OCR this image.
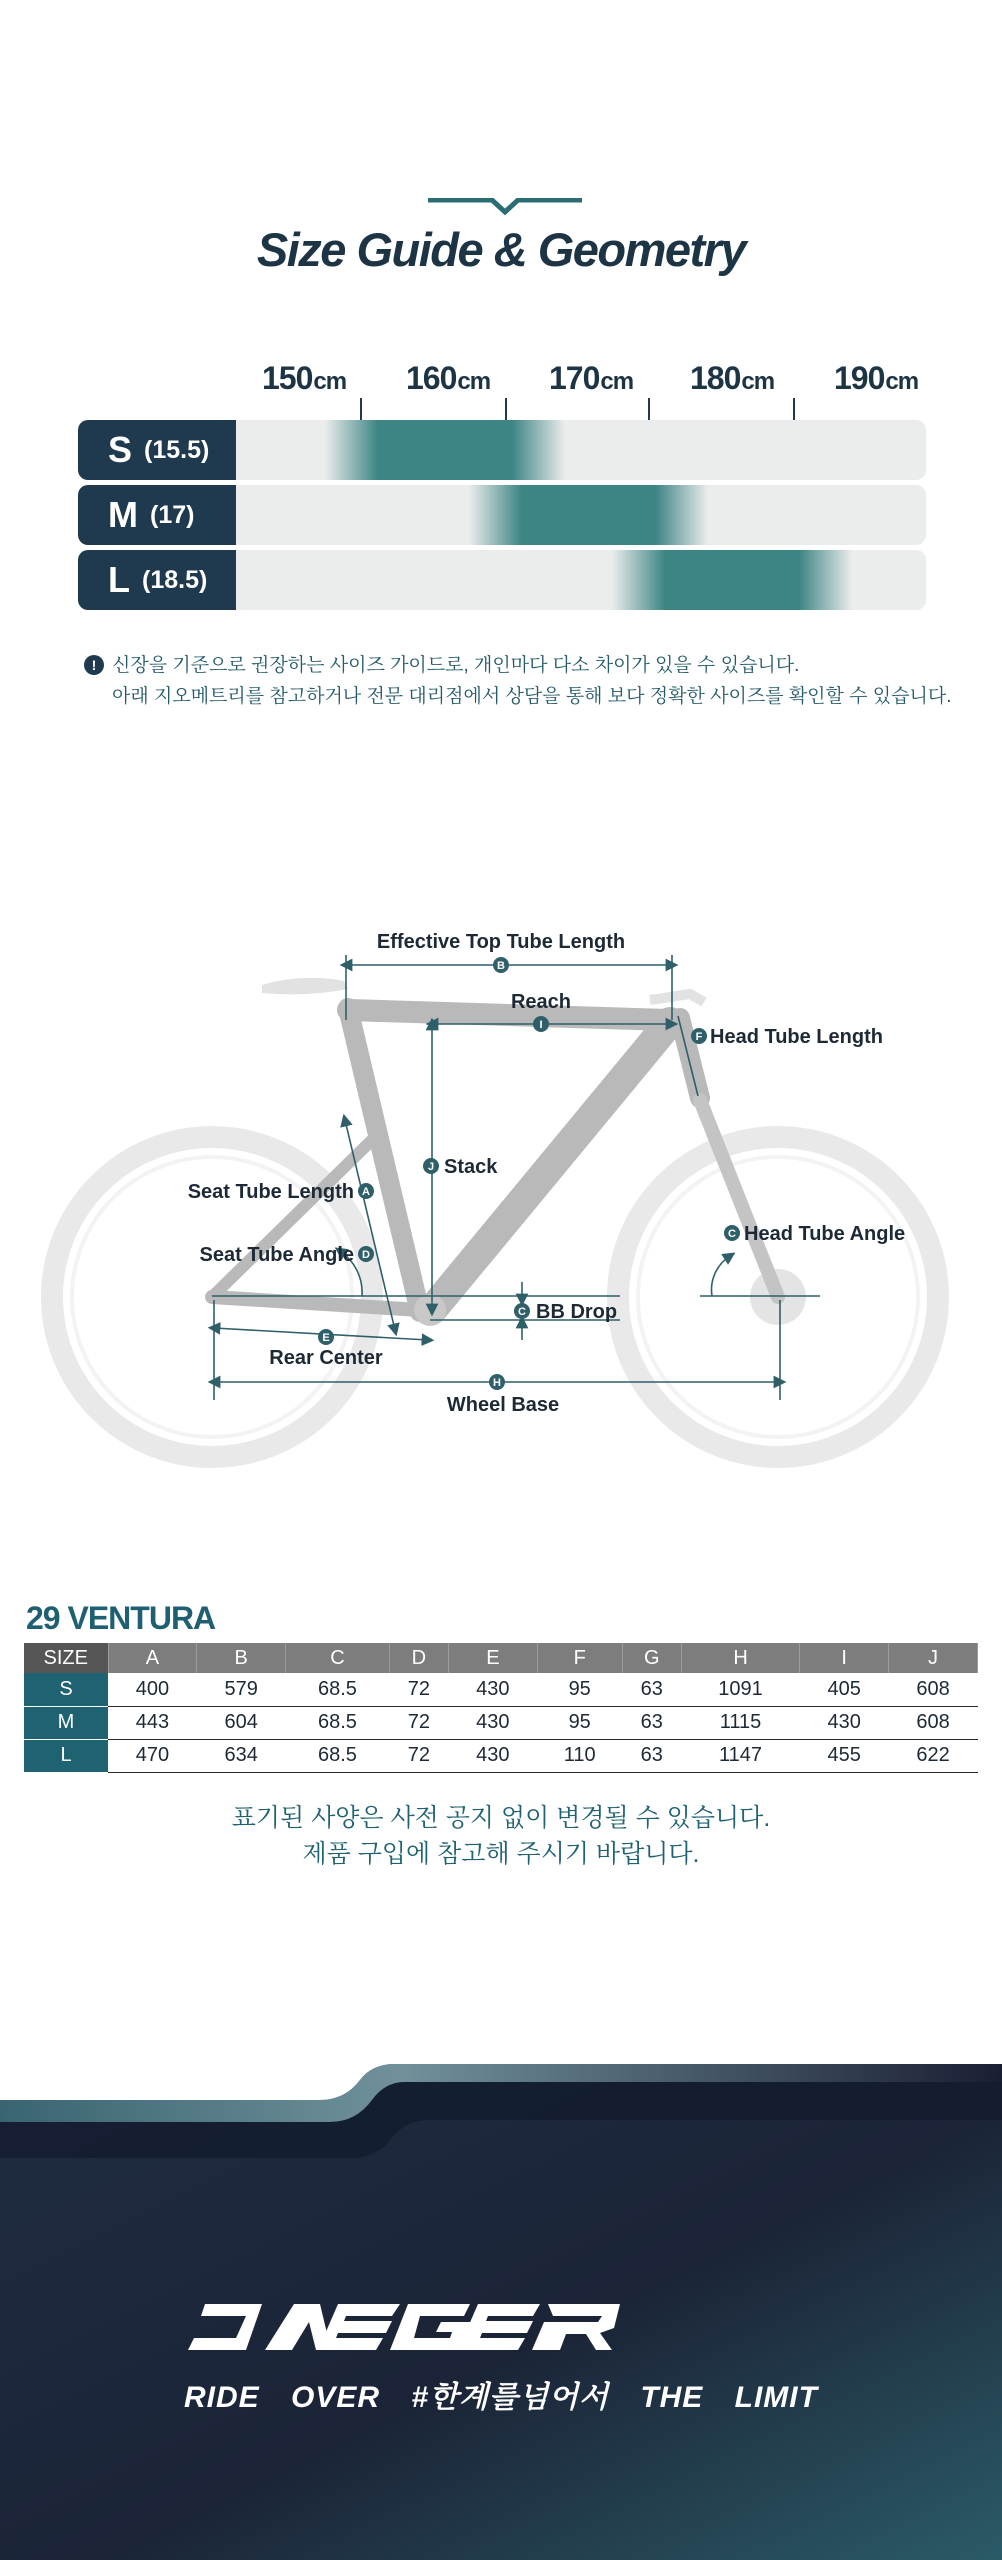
Size Guide & Geometry
150cm 160cm 170cm 180cm 190cm
S (15.5)
M (17)
L (18.5)
! 신장을 기준으로 권장하는 사이즈 가이드로, 개인마다 다소 차이가 있을 수 있습니다.
아래 지오메트리를 참고하거나 전문 대리점에서 상담을 통해 보다 정확한 사이즈를 확인할 수 있습니다.
B
I
F
J
A
C
D
C
E
H
Effective Top Tube Length
Reach
Head Tube Length
Stack
Seat Tube Length
Head Tube Angle
Seat Tube Angle
BB Drop
Rear Center
Wheel Base
29 VENTURA
SIZE	A	B	C	D	E	F	G	H	I	J
S	400	579	68.5	72	430	95	63	1091	405	608
M	443	604	68.5	72	430	95	63	1115	430	608
L	470	634	68.5	72	430	110	63	1147	455	622
표기된 사양은 사전 공지 없이 변경될 수 있습니다.
제품 구입에 참고해 주시기 바랍니다.
JAEGER
RIDE OVER #한계를넘어서 THE LIMIT
